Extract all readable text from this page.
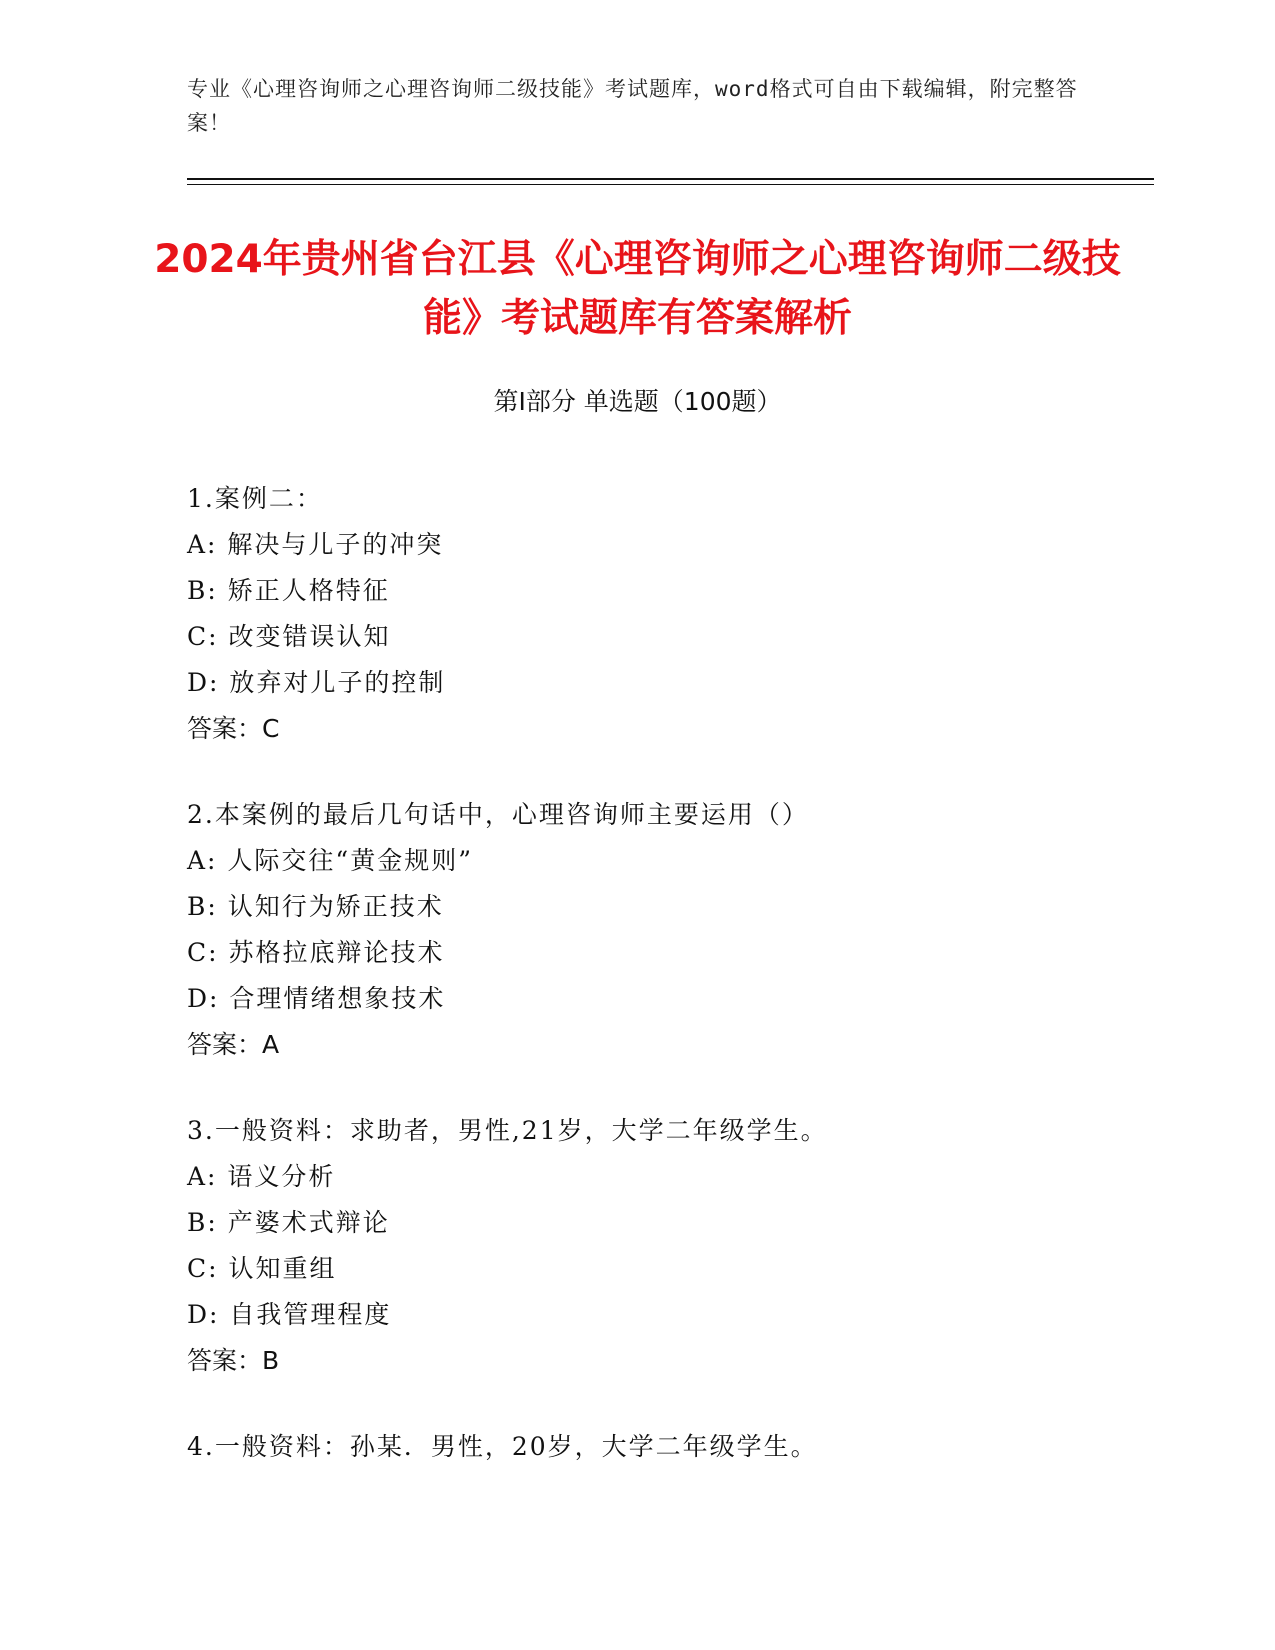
专业《心理咨询师之心理咨询师二级技能》考试题库，word格式可自由下载编辑，附完整答案！
2024年贵州省台江县《心理咨询师之心理咨询师二级技能》考试题库有答案解析
第I部分 单选题（100题）
1.案例二：
A: 解决与儿子的冲突
B: 矫正人格特征
C: 改变错误认知
D: 放弃对儿子的控制
答案：C
2.本案例的最后几句话中，心理咨询师主要运用（）
A: 人际交往“黄金规则”
B: 认知行为矫正技术
C: 苏格拉底辩论技术
D: 合理情绪想象技术
答案：A
3.一般资料：求助者，男性,21岁，大学二年级学生。
A: 语义分析
B: 产婆术式辩论
C: 认知重组
D: 自我管理程度
答案：B
4.一般资料：孙某．男性，20岁，大学二年级学生。
